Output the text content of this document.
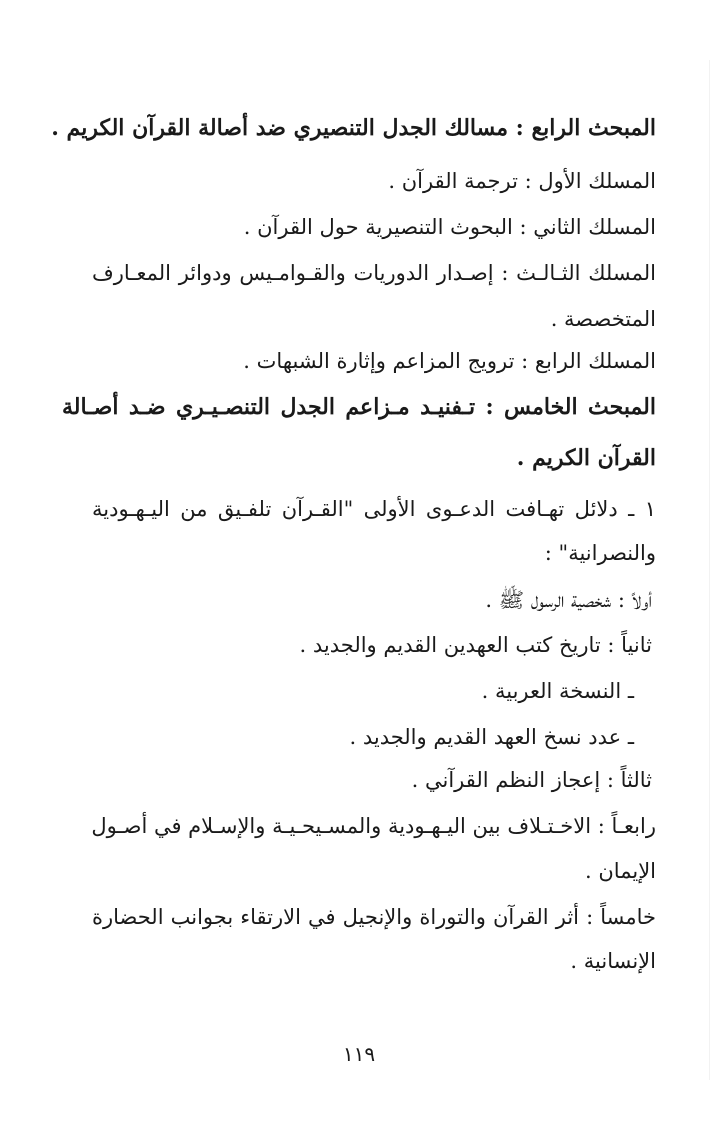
المبحث الرابع : مسالك الجدل التنصيري ضد أصالة القرآن الكريم .
المسلك الأول : ترجمة القرآن .
المسلك الثاني : البحوث التنصيرية حول القرآن .
المسلك الثـالـث : إصـدار الدوريات والقـوامـيس ودوائر المعـارف
المتخصصة .
المسلك الرابع : ترويج المزاعم وإثارة الشبهات .
المبحث الخامس : تـفنيـد مـزاعم الجدل التنصـيـري ضـد أصـالة
القرآن الكريم .
١ ـ دلائل تهـافت الدعـوى الأولى "القـرآن تلفـيق من اليـهـودية
والنصرانية" :
أولاً : شخصية الرسول ﷺ .
ثانياً : تاريخ كتب العهدين القديم والجديد .
ـ النسخة العربية .
ـ عدد نسخ العهد القديم والجديد .
ثالثاً : إعجاز النظم القرآني .
رابعـاً : الاخـتـلاف بين اليـهـودية والمسـيحـيـة والإسـلام في أصـول
الإيمان .
خامساً : أثر القرآن والتوراة والإنجيل في الارتقاء بجوانب الحضارة
الإنسانية .
١١٩
